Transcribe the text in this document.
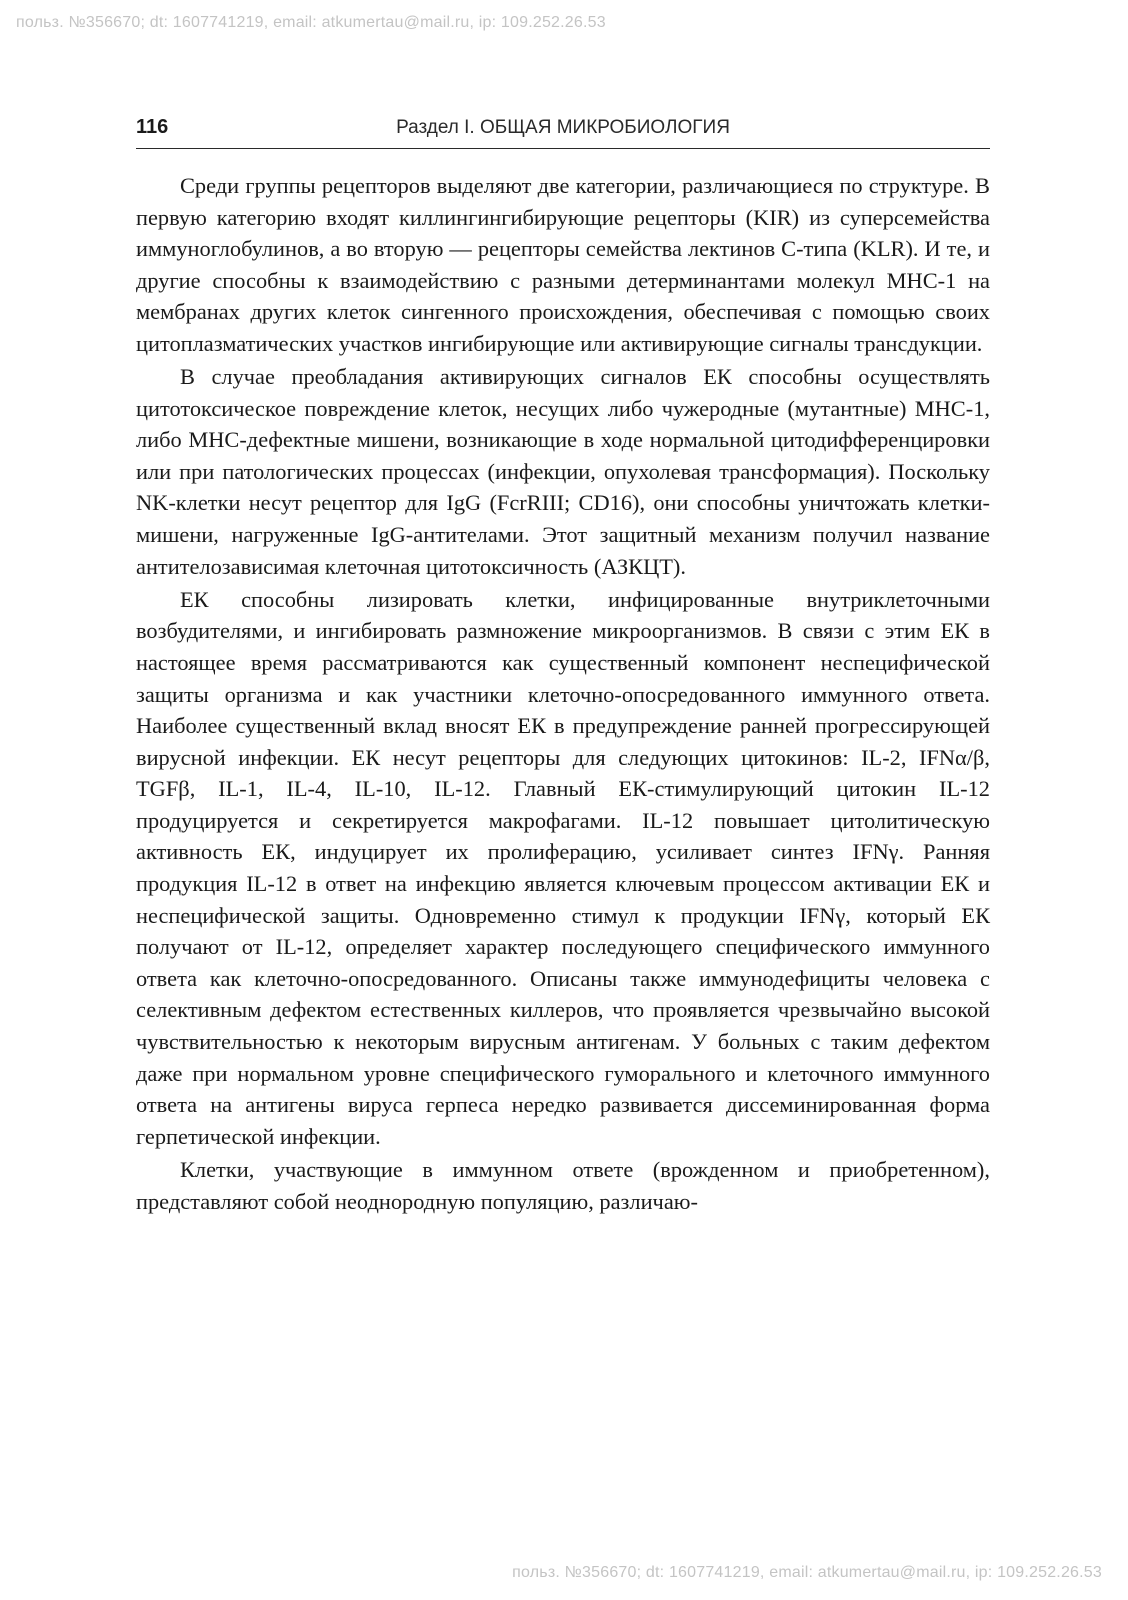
польз. №356670; dt: 1607741219, email: atkumertau@mail.ru, ip: 109.252.26.53
116	Раздел I. ОБЩАЯ МИКРОБИОЛОГИЯ

Среди группы рецепторов выделяют две категории, различающиеся по структуре. В первую категорию входят киллингингибирующие рецепторы (KIR) из суперсемейства иммуноглобулинов, а во вторую — рецепторы семейства лектинов С-типа (KLR). И те, и другие способны к взаимодействию с разными детерминантами молекул МНС-1 на мембранах других клеток сингенного происхождения, обеспечивая с помощью своих цитоплазматических участков ингибирующие или активирующие сигналы трансдукции.

В случае преобладания активирующих сигналов ЕК способны осуществлять цитотоксическое повреждение клеток, несущих либо чужеродные (мутантные) МНС-1, либо МНС-дефектные мишени, возникающие в ходе нормальной цитодифференцировки или при патологических процессах (инфекции, опухолевая трансформация). Поскольку NK-клетки несут рецептор для IgG (FcrRIII; CD16), они способны уничтожать клетки-мишени, нагруженные IgG-антителами. Этот защитный механизм получил название антителозависимая клеточная цитотоксичность (АЗКЦТ).

ЕК способны лизировать клетки, инфицированные внутриклеточными возбудителями, и ингибировать размножение микроорганизмов. В связи с этим ЕК в настоящее время рассматриваются как существенный компонент неспецифической защиты организма и как участники клеточно-опосредованного иммунного ответа. Наиболее существенный вклад вносят ЕК в предупреждение ранней прогрессирующей вирусной инфекции. ЕК несут рецепторы для следующих цитокинов: IL-2, IFNα/β, TGFβ, IL-1, IL-4, IL-10, IL-12. Главный ЕК-стимулирующий цитокин IL-12 продуцируется и секретируется макрофагами. IL-12 повышает цитолитическую активность ЕК, индуцирует их пролиферацию, усиливает синтез IFNγ. Ранняя продукция IL-12 в ответ на инфекцию является ключевым процессом активации ЕК и неспецифической защиты. Одновременно стимул к продукции IFNγ, который ЕК получают от IL-12, определяет характер последующего специфического иммунного ответа как клеточно-опосредованного. Описаны также иммунодефициты человека с селективным дефектом естественных киллеров, что проявляется чрезвычайно высокой чувствительностью к некоторым вирусным антигенам. У больных с таким дефектом даже при нормальном уровне специфического гуморального и клеточного иммунного ответа на антигены вируса герпеса нередко развивается диссеминированная форма герпетической инфекции.

Клетки, участвующие в иммунном ответе (врожденном и приобретенном), представляют собой неоднородную популяцию, различаю-

польз. №356670; dt: 1607741219, email: atkumertau@mail.ru, ip: 109.252.26.53
